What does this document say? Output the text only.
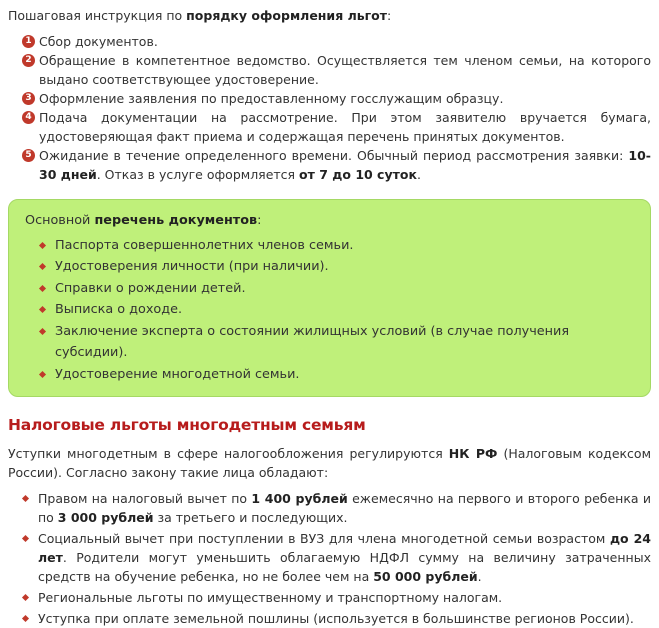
Пошаговая инструкция по порядку оформления льгот:

1 Сбор документов.
2 Обращение в компетентное ведомство. Осуществляется тем членом семьи, на которого выдано соответствующее удостоверение.
3 Оформление заявления по предоставленному госслужащим образцу.
4 Подача документации на рассмотрение. При этом заявителю вручается бумага, удостоверяющая факт приема и содержащая перечень принятых документов.
5 Ожидание в течение определенного времени. Обычный период рассмотрения заявки: 10-30 дней. Отказ в услуге оформляется от 7 до 10 суток.

Основной перечень документов:

Паспорта совершеннолетних членов семьи.
Удостоверения личности (при наличии).
Справки о рождении детей.
Выписка о доходе.
Заключение эксперта о состоянии жилищных условий (в случае получения субсидии).
Удостоверение многодетной семьи.
Налоговые льготы многодетным семьям

Уступки многодетным в сфере налогообложения регулируются НК РФ (Налоговым кодексом России). Согласно закону такие лица обладают:

Правом на налоговый вычет по 1 400 рублей ежемесячно на первого и второго ребенка и по 3 000 рублей за третьего и последующих.
Социальный вычет при поступлении в ВУЗ для члена многодетной семьи возрастом до 24 лет. Родители могут уменьшить облагаемую НДФЛ сумму на величину затраченных средств на обучение ребенка, но не более чем на 50 000 рублей.
Региональные льготы по имущественному и транспортному налогам.
Уступка при оплате земельной пошлины (используется в большинстве регионов России).
